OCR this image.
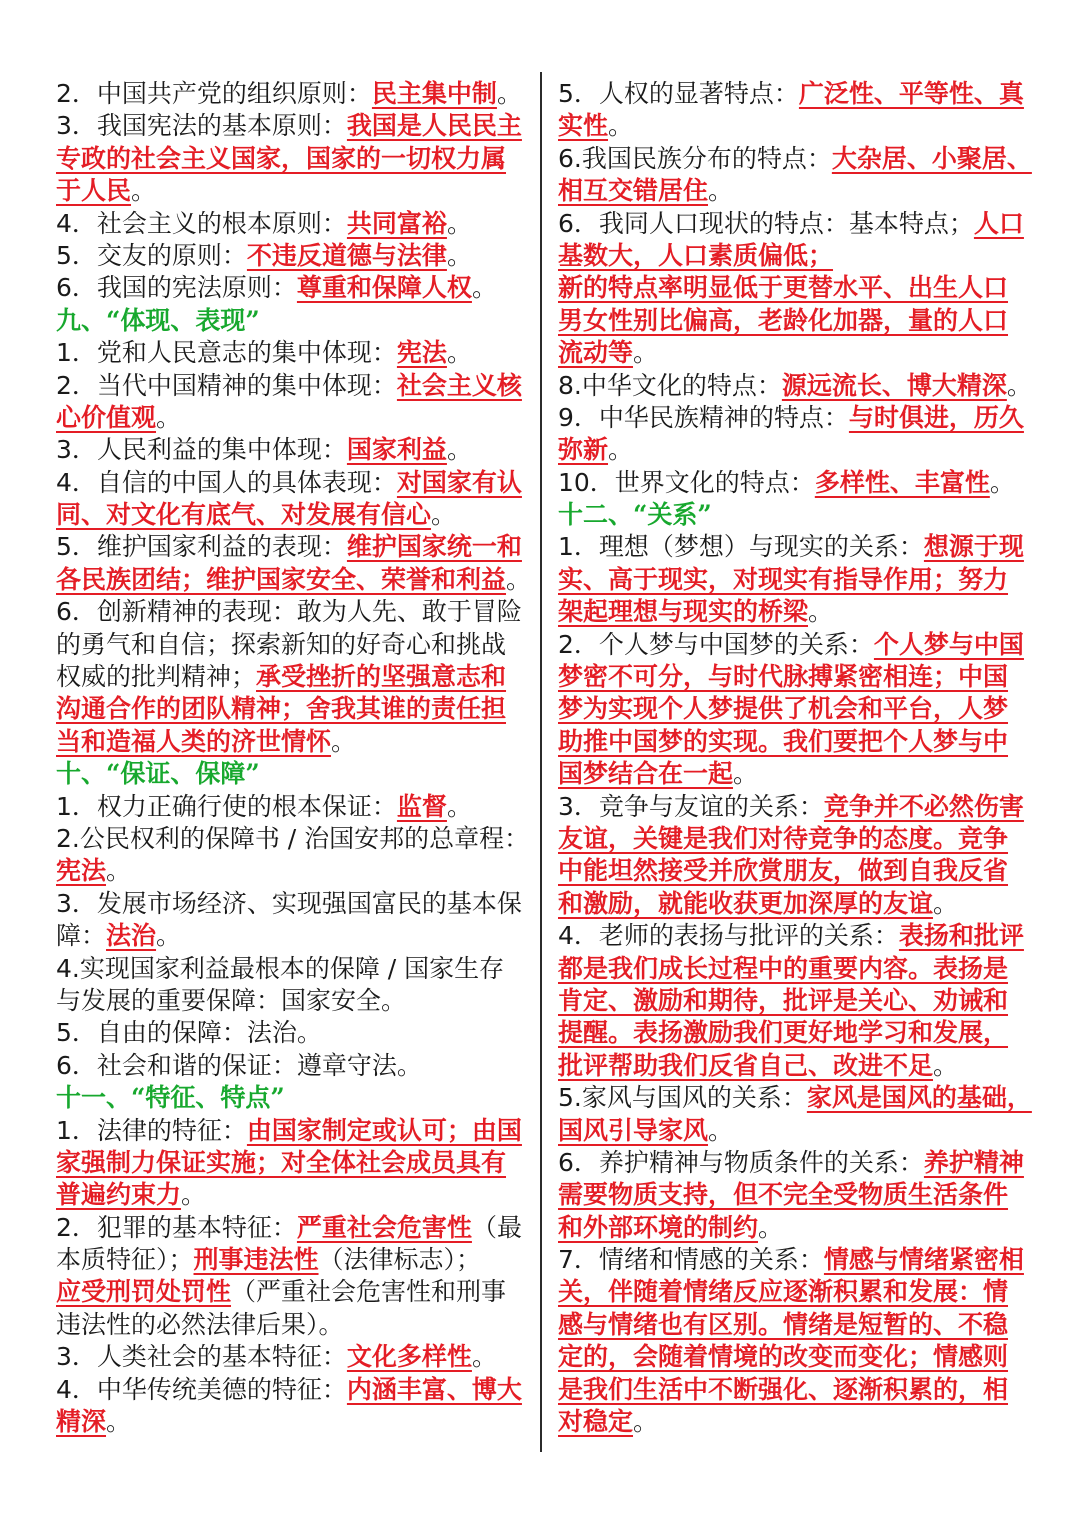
2．中国共产党的组织原则：民主集中制。
3．我国宪法的基本原则：我国是人民民主
专政的社会主义国家，国家的一切权力属
于人民。
4．社会主义的根本原则：共同富裕。
5．交友的原则：不违反道德与法律。
6．我国的宪法原则：尊重和保障人权。
九、“体现、表现”
1．党和人民意志的集中体现：宪法。
2．当代中国精神的集中体现：社会主义核
心价值观。
3．人民利益的集中体现：国家利益。
4．自信的中国人的具体表现：对国家有认
同、对文化有底气、对发展有信心。
5．维护国家利益的表现：维护国家统一和
各民族团结；维护国家安全、荣誉和利益。
6．创新精神的表现：敢为人先、敢于冒险
的勇气和自信；探索新知的好奇心和挑战
权威的批判精神；承受挫折的坚强意志和
沟通合作的团队精神；舍我其谁的责任担
当和造福人类的济世情怀。
十、“保证、保障”
1．权力正确行使的根本保证：监督。
2.公民权利的保障书 / 治国安邦的总章程：
宪法。
3．发展市场经济、实现强国富民的基本保
障：法治。
4.实现国家利益最根本的保障 / 国家生存
与发展的重要保障：国家安全。
5．自由的保障：法治。
6．社会和谐的保证：遵章守法。
十一、“特征、特点”
1．法律的特征：由国家制定或认可；由国
家强制力保证实施；对全体社会成员具有
普遍约束力。
2．犯罪的基本特征：严重社会危害性（最
本质特征）；刑事违法性（法律标志）；
应受刑罚处罚性（严重社会危害性和刑事
违法性的必然法律后果）。
3．人类社会的基本特征：文化多样性。
4．中华传统美德的特征：内涵丰富、博大
精深。
5．人权的显著特点：广泛性、平等性、真
实性。
6.我国民族分布的特点：大杂居、小聚居、
相互交错居住。
6．我同人口现状的特点：基本特点；人口
基数大，人口素质偏低；
新的特点率明显低于更替水平、出生人口
男女性别比偏高，老龄化加器，量的人口
流动等。
8.中华文化的特点：源远流长、博大精深。
9．中华民族精神的特点：与时俱进，历久
弥新。
10．世界文化的特点：多样性、丰富性。
十二、“关系”
1．理想（梦想）与现实的关系：想源于现
实、高于现实，对现实有指导作用；努力
架起理想与现实的桥梁。
2．个人梦与中国梦的关系：个人梦与中国
梦密不可分，与时代脉搏紧密相连；中国
梦为实现个人梦提供了机会和平台，人梦
助推中国梦的实现。我们要把个人梦与中
国梦结合在一起。
3．竞争与友谊的关系：竞争并不必然伤害
友谊，关键是我们对待竞争的态度。竞争
中能坦然接受并欣赏朋友，做到自我反省
和激励，就能收获更加深厚的友谊。
4．老师的表扬与批评的关系：表扬和批评
都是我们成长过程中的重要内容。表扬是
肯定、激励和期待，批评是关心、劝诫和
提醒。表扬激励我们更好地学习和发展，
批评帮助我们反省自己、改进不足。
5.家风与国风的关系：家风是国风的基础，
国风引导家风。
6．养护精神与物质条件的关系：养护精神
需要物质支持，但不完全受物质生活条件
和外部环境的制约。
7．情绪和情感的关系：情感与情绪紧密相
关，伴随着情绪反应逐渐积累和发展：情
感与情绪也有区别。情绪是短暂的、不稳
定的，会随着情境的改变而变化；情感则
是我们生活中不断强化、逐渐积累的，相
对稳定。
